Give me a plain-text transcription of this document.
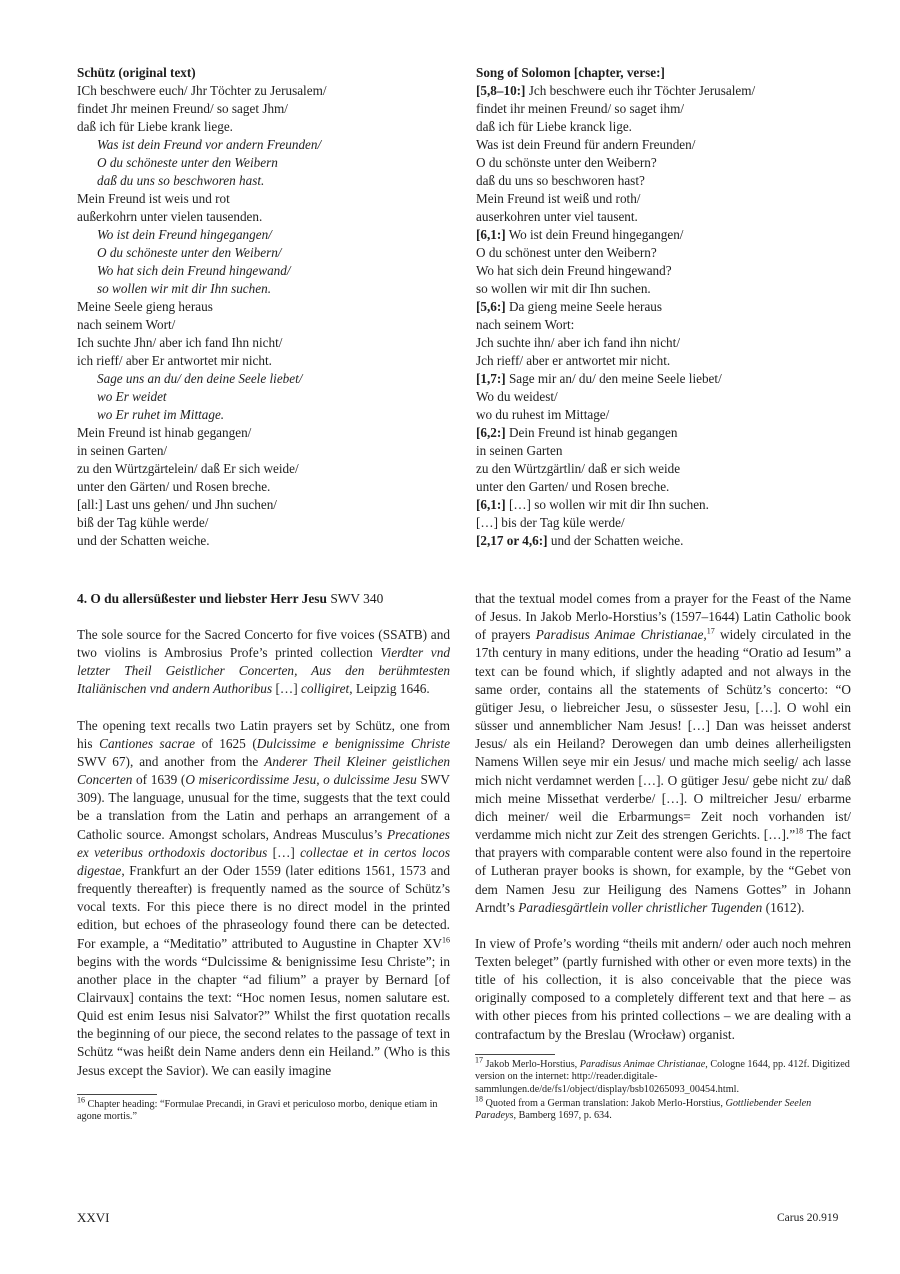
Schütz (original text)
ICh beschwere euch/ Jhr Töchter zu Jerusalem/
findet Jhr meinen Freund/ so saget Jhm/
daß ich für Liebe krank liege.
Was ist dein Freund vor andern Freunden/
O du schöneste unter den Weibern
daß du uns so beschworen hast.
Mein Freund ist weis und rot
außerkohrn unter vielen tausenden.
Wo ist dein Freund hingegangen/
O du schöneste unter den Weibern/
Wo hat sich dein Freund hingewand/
so wollen wir mit dir Ihn suchen.
Meine Seele gieng heraus
nach seinem Wort/
Ich suchte Jhn/ aber ich fand Ihn nicht/
ich rieff/ aber Er antwortet mir nicht.
Sage uns an du/ den deine Seele liebet/
wo Er weidet
wo Er ruhet im Mittage.
Mein Freund ist hinab gegangen/
in seinen Garten/
zu den Würtzgärtelein/ daß Er sich weide/
unter den Gärten/ und Rosen breche.
[all:] Last uns gehen/ und Jhn suchen/
biß der Tag kühle werde/
und der Schatten weiche.
Song of Solomon [chapter, verse:]
[5,8–10:] Jch beschwere euch ihr Töchter Jerusalem/
findet ihr meinen Freund/ so saget ihm/
daß ich für Liebe kranck lige.
Was ist dein Freund für andern Freunden/
O du schönste unter den Weibern?
daß du uns so beschworen hast?
Mein Freund ist weiß und roth/
auserkohren unter viel tausent.
[6,1:] Wo ist dein Freund hingegangen/
O du schönest unter den Weibern?
Wo hat sich dein Freund hingewand?
so wollen wir mit dir Ihn suchen.
[5,6:] Da gieng meine Seele heraus
nach seinem Wort:
Jch suchte ihn/ aber ich fand ihn nicht/
Jch rieff/ aber er antwortet mir nicht.
[1,7:] Sage mir an/ du/ den meine Seele liebet/
Wo du weidest/
wo du ruhest im Mittage/
[6,2:] Dein Freund ist hinab gegangen
in seinen Garten
zu den Würtzgärtlin/ daß er sich weide
unter den Garten/ und Rosen breche.
[6,1:] […] so wollen wir mit dir Ihn suchen.
[…] bis der Tag küle werde/
[2,17 or 4,6:] und der Schatten weiche.
4. O du allersüßester und liebster Herr Jesu SWV 340

The sole source for the Sacred Concerto for five voices (SSATB) and two violins is Ambrosius Profe’s printed collection Vierdter vnd letzter Theil Geistlicher Concerten, Aus den berühmtesten Italiänischen vnd andern Authoribus […] colligiret, Leipzig 1646.

The opening text recalls two Latin prayers set by Schütz, one from his Cantiones sacrae of 1625 (Dulcissime e benignissime Christe SWV 67), and another from the Anderer Theil Kleiner geistlichen Concerten of 1639 (O misericordissime Jesu, o dulcissime Jesu SWV 309). The language, unusual for the time, suggests that the text could be a translation from the Latin and perhaps an arrangement of a Catholic source. Amongst scholars, Andreas Musculus’s Precationes ex veteribus orthodoxis doctoribus […] collectae et in certos locos digestae, Frankfurt an der Oder 1559 (later editions 1561, 1573 and frequently thereafter) is frequently named as the source of Schütz’s vocal texts. For this piece there is no direct model in the printed edition, but echoes of the phraseology found there can be detected. For example, a “Meditatio” attributed to Augustine in Chapter XV$^{16}$ begins with the words “Dulcissime & benignissime Iesu Christe”; in another place in the chapter “ad filium” a prayer by Bernard [of Clairvaux] contains the text: “Hoc nomen Iesus, nomen salutare est. Quid est enim Iesus nisi Salvator?” Whilst the first quotation recalls the beginning of our piece, the second relates to the passage of text in Schütz “was heißt dein Name anders denn ein Heiland.” (Who is this Jesus except the Savior). We can easily imagine

$^{16}$ Chapter heading: “Formulae Precandi, in Gravi et periculoso morbo, denique etiam in agone mortis.”

that the textual model comes from a prayer for the Feast of the Name of Jesus. In Jakob Merlo-Horstius’s (1597–1644) Latin Catholic book of prayers Paradisus Animae Christianae,$^{17}$ widely circulated in the 17th century in many editions, under the heading “Oratio ad Iesum” a text can be found which, if slightly adapted and not always in the same order, contains all the statements of Schütz’s concerto: “O gütiger Jesu, o liebreicher Jesu, o süssester Jesu, […]. O wohl ein süsser und annemblicher Nam Jesus! […] Dan was heisset anderst Jesus/ als ein Heiland? Derowegen dan umb deines allerheiligsten Namens Willen seye mir ein Jesus/ und mache mich seelig/ ach lasse mich nicht verdamnet werden […]. O gütiger Jesu/ gebe nicht zu/ daß mich meine Missethat verderbe/ […]. O miltreicher Jesu/ erbarme dich meiner/ weil die Erbarmungs= Zeit noch vorhanden ist/ verdamme mich nicht zur Zeit des strengen Gerichts. […].”$^{18}$ The fact that prayers with comparable content were also found in the repertoire of Lutheran prayer books is shown, for example, by the “Gebet von dem Namen Jesu zur Heiligung des Namens Gottes” in Johann Arndt’s Paradiesgärtlein voller christlicher Tugenden (1612).

In view of Profe’s wording “theils mit andern/ oder auch noch mehren Texten beleget” (partly furnished with other or even more texts) in the title of his collection, it is also conceivable that the piece was originally composed to a completely different text and that here – as with other pieces from his printed collections – we are dealing with a contrafactum by the Breslau (Wrocław) organist.

$^{17}$ Jakob Merlo-Horstius, Paradisus Animae Christianae, Cologne 1644, pp. 412f. Digitized version on the internet: http://reader.digitale-sammlungen.de/de/fs1/object/display/bsb10265093_00454.html.

$^{18}$ Quoted from a German translation: Jakob Merlo-Horstius, Gottliebender Seelen Paradeys, Bamberg 1697, p. 634.

XXVI	Carus 20.919
